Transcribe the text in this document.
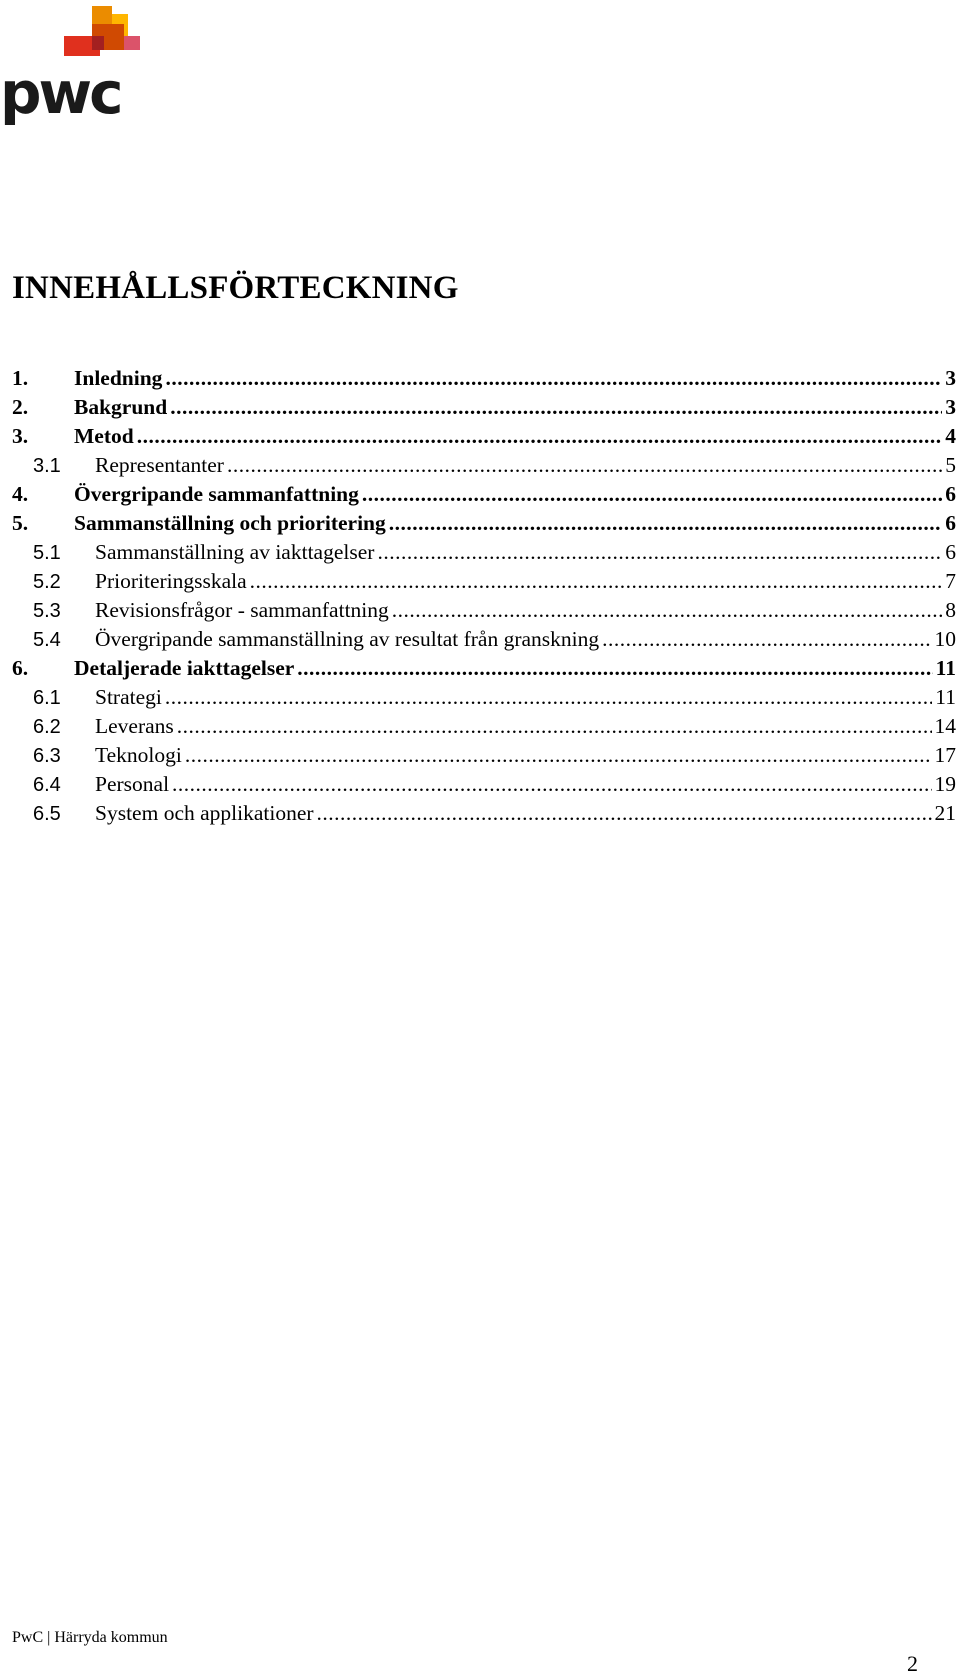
pwc
INNEHÅLLSFÖRTECKNING
1.	Inledning .....	3
2.	Bakgrund .....	3
3.	Metod .....	4
3.1	Representanter .....	5
4.	Övergripande sammanfattning .....	6
5.	Sammanställning och prioritering .....	6
5.1	Sammanställning av iakttagelser .....	6
5.2	Prioriteringsskala .....	7
5.3	Revisionsfrågor - sammanfattning .....	8
5.4	Övergripande sammanställning av resultat från granskning .....	10
6.	Detaljerade iakttagelser .....	11
6.1	Strategi .....	11
6.2	Leverans .....	14
6.3	Teknologi .....	17
6.4	Personal .....	19
6.5	System och applikationer .....	21
PwC | Härryda kommun
2
